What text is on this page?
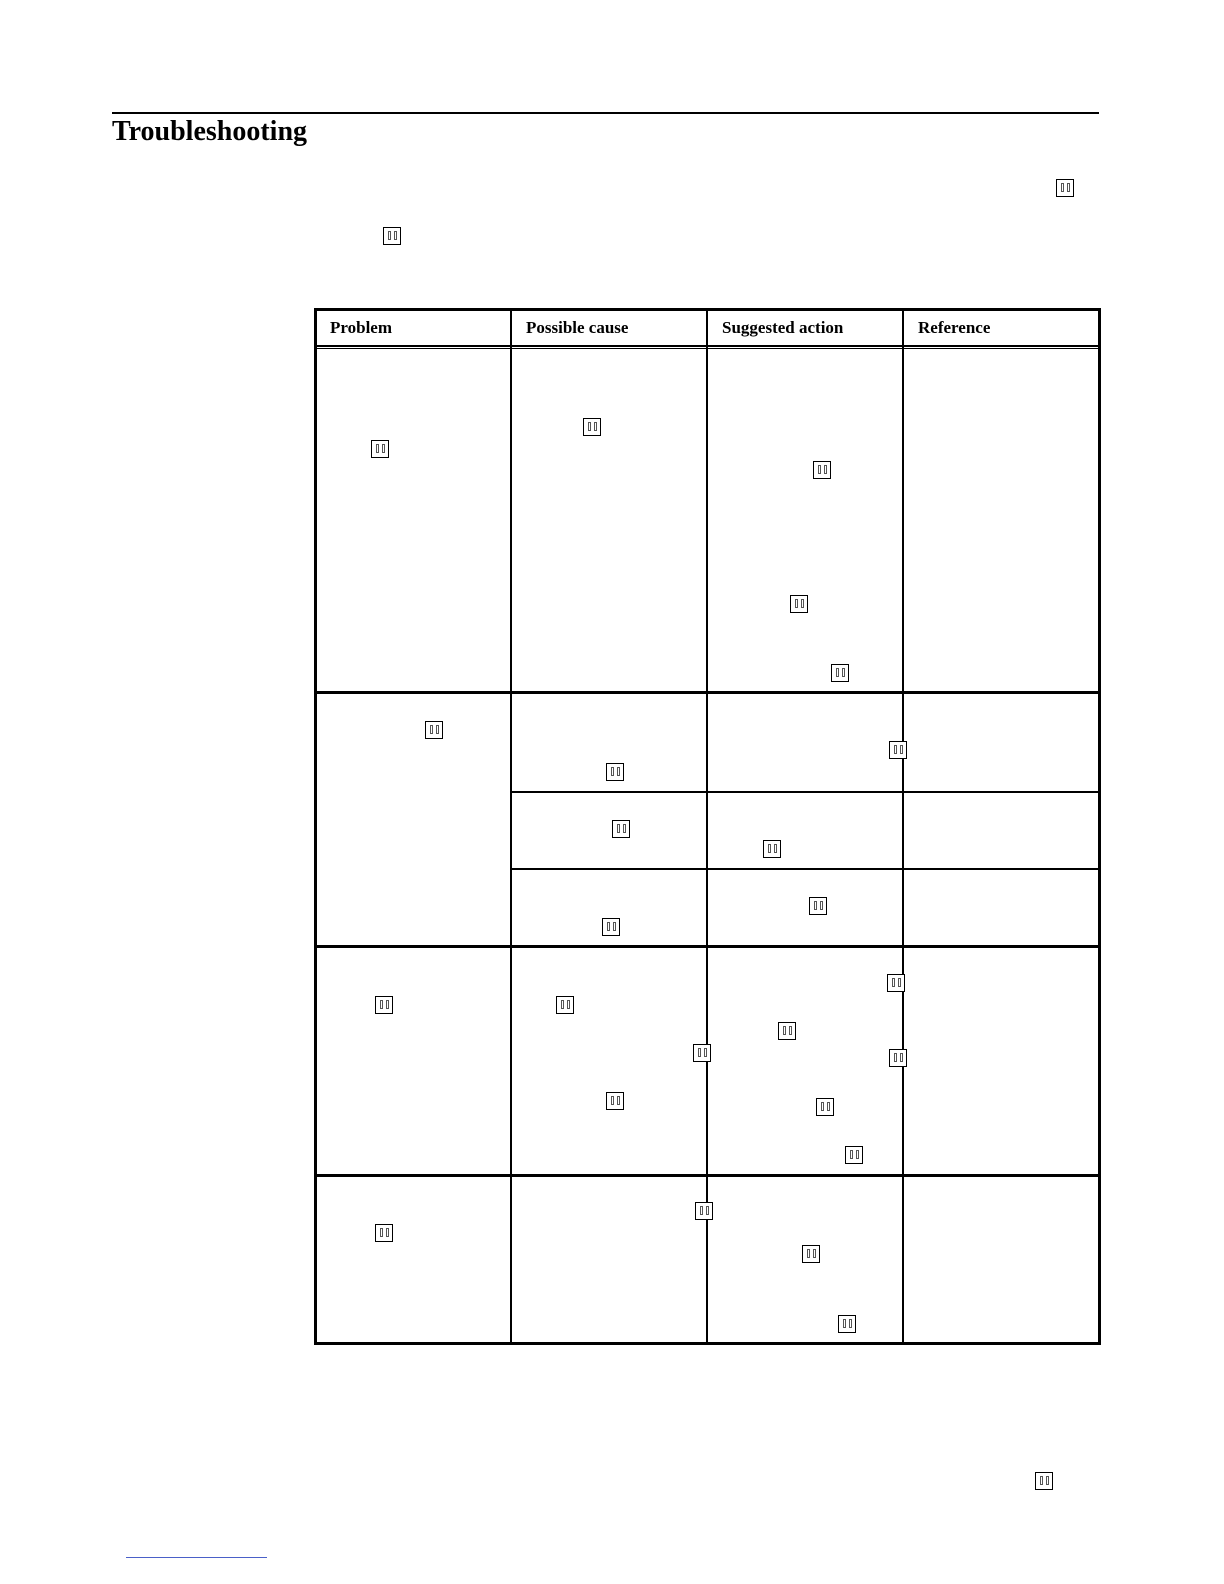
Troubleshooting
Problem	Possible cause	Suggested action	Reference
